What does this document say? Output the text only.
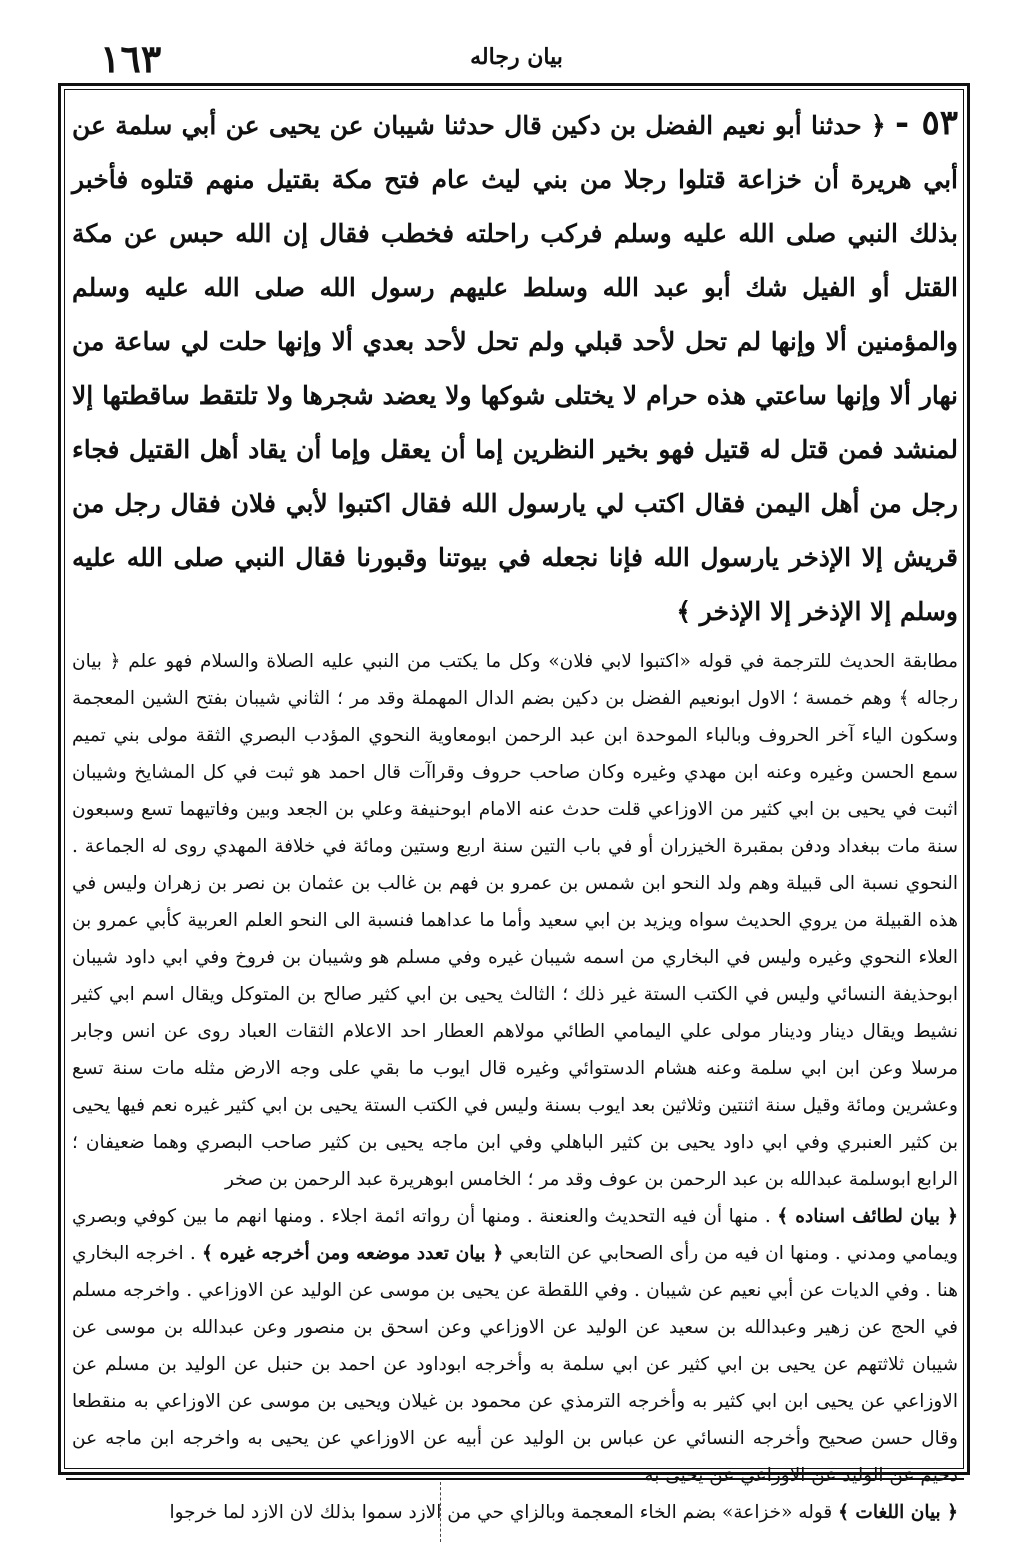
١٦٣	بيان رجاله
٥٣ - ﴿ حدثنا أبو نعيم الفضل بن دكين قال حدثنا شيبان عن يحيى عن أبي سلمة عن أبي هريرة أن خزاعة قتلوا رجلا من بني ليث عام فتح مكة بقتيل منهم قتلوه فأخبر بذلك النبي صلى الله عليه وسلم فركب راحلته فخطب فقال إن الله حبس عن مكة القتل أو الفيل شك أبو عبد الله وسلط عليهم رسول الله صلى الله عليه وسلم والمؤمنين ألا وإنها لم تحل لأحد قبلي ولم تحل لأحد بعدي ألا وإنها حلت لي ساعة من نهار ألا وإنها ساعتي هذه حرام لا يختلى شوكها ولا يعضد شجرها ولا تلتقط ساقطتها إلا لمنشد فمن قتل له قتيل فهو بخير النظرين إما أن يعقل وإما أن يقاد أهل القتيل فجاء رجل من أهل اليمن فقال اكتب لي يارسول الله فقال اكتبوا لأبي فلان فقال رجل من قريش إلا الإذخر يارسول الله فإنا نجعله في بيوتنا وقبورنا فقال النبي صلى الله عليه وسلم إلا الإذخر إلا الإذخر ﴾
مطابقة الحديث للترجمة في قوله «اكتبوا لابي فلان» وكل ما يكتب من النبي عليه الصلاة والسلام فهو علم ﴿ بيان رجاله ﴾ وهم خمسة ؛ الاول ابونعيم الفضل بن دكين بضم الدال المهملة وقد مر ؛ الثاني شيبان بفتح الشين المعجمة وسكون الياء آخر الحروف وبالباء الموحدة ابن عبد الرحمن ابومعاوية النحوي المؤدب البصري الثقة مولى بني تميم سمع الحسن وغيره وعنه ابن مهدي وغيره وكان صاحب حروف وقراآت قال احمد هو ثبت في كل المشايخ وشيبان اثبت في يحيى بن ابي كثير من الاوزاعي قلت حدث عنه الامام ابوحنيفة وعلي بن الجعد وبين وفاتيهما تسع وسبعون سنة مات ببغداد ودفن بمقبرة الخيزران أو في باب التين سنة اربع وستين ومائة في خلافة المهدي روى له الجماعة . النحوي نسبة الى قبيلة وهم ولد النحو ابن شمس بن عمرو بن فهم بن غالب بن عثمان بن نصر بن زهران وليس في هذه القبيلة من يروي الحديث سواه ويزيد بن ابي سعيد وأما ما عداهما فنسبة الى النحو العلم العربية كأبي عمرو بن العلاء النحوي وغيره وليس في البخاري من اسمه شيبان غيره وفي مسلم هو وشيبان بن فروخ وفي ابي داود شيبان ابوحذيفة النسائي وليس في الكتب الستة غير ذلك ؛ الثالث يحيى بن ابي كثير صالح بن المتوكل ويقال اسم ابي كثير نشيط ويقال دينار ودينار مولى علي اليمامي الطائي مولاهم العطار احد الاعلام الثقات العباد روى عن انس وجابر مرسلا وعن ابن ابي سلمة وعنه هشام الدستوائي وغيره قال ايوب ما بقي على وجه الارض مثله مات سنة تسع وعشرين ومائة وقيل سنة اثنتين وثلاثين بعد ايوب بسنة وليس في الكتب الستة يحيى بن ابي كثير غيره نعم فيها يحيى بن كثير العنبري وفي ابي داود يحيى بن كثير الباهلي وفي ابن ماجه يحيى بن كثير صاحب البصري وهما ضعيفان ؛ الرابع ابوسلمة عبدالله بن عبد الرحمن بن عوف وقد مر ؛ الخامس ابوهريرة عبد الرحمن بن صخر
﴿ بيان لطائف اسناده ﴾ . منها أن فيه التحديث والعنعنة . ومنها أن رواته ائمة اجلاء . ومنها انهم ما بين كوفي وبصري ويمامي ومدني . ومنها ان فيه من رأى الصحابي عن التابعي ﴿ بيان تعدد موضعه ومن أخرجه غيره ﴾ . اخرجه البخاري هنا . وفي الديات عن أبي نعيم عن شيبان . وفي اللقطة عن يحيى بن موسى عن الوليد عن الاوزاعي . واخرجه مسلم في الحج عن زهير وعبدالله بن سعيد عن الوليد عن الاوزاعي وعن اسحق بن منصور وعن عبدالله بن موسى عن شيبان ثلاثتهم عن يحيى بن ابي كثير عن ابي سلمة به وأخرجه ابوداود عن احمد بن حنبل عن الوليد بن مسلم عن الاوزاعي عن يحيى ابن ابي كثير به وأخرجه الترمذي عن محمود بن غيلان ويحيى بن موسى عن الاوزاعي به منقطعا وقال حسن صحيح وأخرجه النسائي عن عباس بن الوليد عن أبيه عن الاوزاعي عن يحيى به واخرجه ابن ماجه عن دحيم عن الوليد عن الاوزاعي عن يحيى به
﴿ بيان اللغات ﴾ قوله «خزاعة» بضم الخاء المعجمة وبالزاي حي من الازد سموا بذلك لان الازد لما خرجوا
